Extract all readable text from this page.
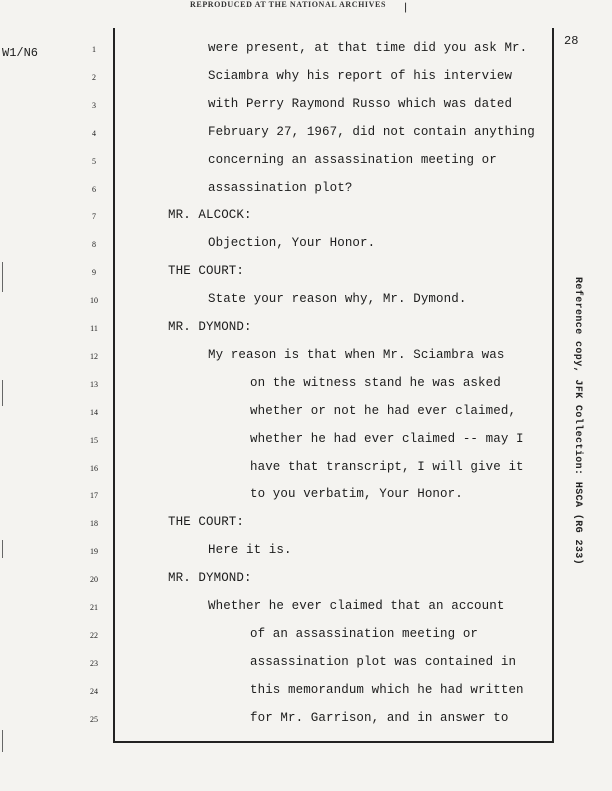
REPRODUCED AT THE NATIONAL ARCHIVES ❘
W1/N6
28
1	were present, at that time did you ask Mr.
2	Sciambra why his report of his interview
3	with Perry Raymond Russo which was dated
4	February 27, 1967, did not contain anything
5	concerning an assassination meeting or
6	assassination plot?
7	MR. ALCOCK:
8	Objection, Your Honor.
9	THE COURT:
10	State your reason why, Mr. Dymond.
11	MR. DYMOND:
12	My reason is that when Mr. Sciambra was
13	on the witness stand he was asked
14	whether or not he had ever claimed,
15	whether he had ever claimed -- may I
16	have that transcript, I will give it
17	to you verbatim, Your Honor.
18	THE COURT:
19	Here it is.
20	MR. DYMOND:
21	Whether he ever claimed that an account
22	of an assassination meeting or
23	assassination plot was contained in
24	this memorandum which he had written
25	for Mr. Garrison, and in answer to
Reference copy, JFK Collection: HSCA (RG 233)
